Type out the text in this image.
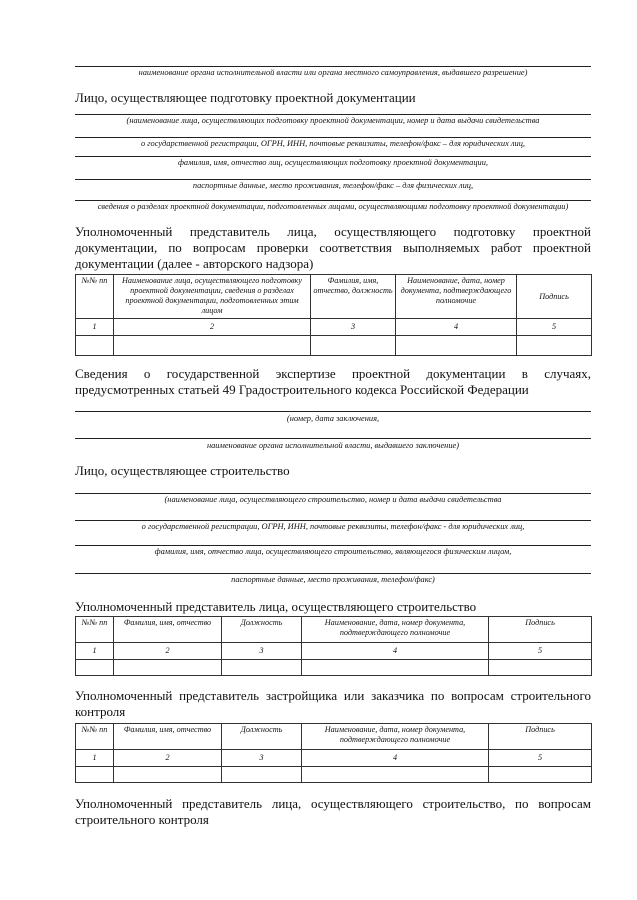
наименование органа исполнительной власти или органа местного самоуправления, выдавшего разрешение)
Лицо, осуществляющее подготовку проектной документации
(наименование лица, осуществляющих подготовку проектной документации, номер и дата выдачи свидетельства
о государственной регистрации, ОГРН, ИНН, почтовые реквизиты, телефон/факс – для юридических лиц,
фамилия, имя, отчество лиц, осуществляющих подготовку проектной документации,
паспортные данные, место проживания, телефон/факс – для физических лиц,
сведения о разделах проектной документации, подготовленных лицами, осуществляющими подготовку проектной документации)
Уполномоченный представитель лица, осуществляющего подготовку проектной документации, по вопросам проверки соответствия выполняемых работ проектной документации (далее - авторского надзора)
№№ пп	Наименование лица, осуществляющего подготовку проектной документации, сведения о разделах проектной документации, подготовленных этим лицом	Фамилия, имя, отчество, должность	Наименование, дата, номер документа, подтверждающего полномочие	Подпись
1	2	3	4	5

Сведения о государственной экспертизе проектной документации в случаях, предусмотренных статьей 49 Градостроительного кодекса Российской Федерации
(номер, дата заключения,
наименование органа исполнительной власти, выдавшего заключение)
Лицо, осуществляющее строительство
(наименование лица, осуществляющего строительство, номер и дата выдачи свидетельства
о государственной регистрации, ОГРН, ИНН, почтовые реквизиты, телефон/факс - для юридических лиц,
фамилия, имя, отчество лица, осуществляющего строительство, являющегося физическим лицом,
паспортные данные, место проживания, телефон/факс)
Уполномоченный представитель лица, осуществляющего строительство
№№ пп	Фамилия, имя, отчество	Должность	Наименование, дата, номер документа, подтверждающего полномочие	Подпись
1	2	3	4	5

Уполномоченный представитель застройщика или заказчика по вопросам строительного контроля
№№ пп	Фамилия, имя, отчество	Должность	Наименование, дата, номер документа, подтверждающего полномочие	Подпись
1	2	3	4	5

Уполномоченный представитель лица, осуществляющего строительство, по вопросам строительного контроля
